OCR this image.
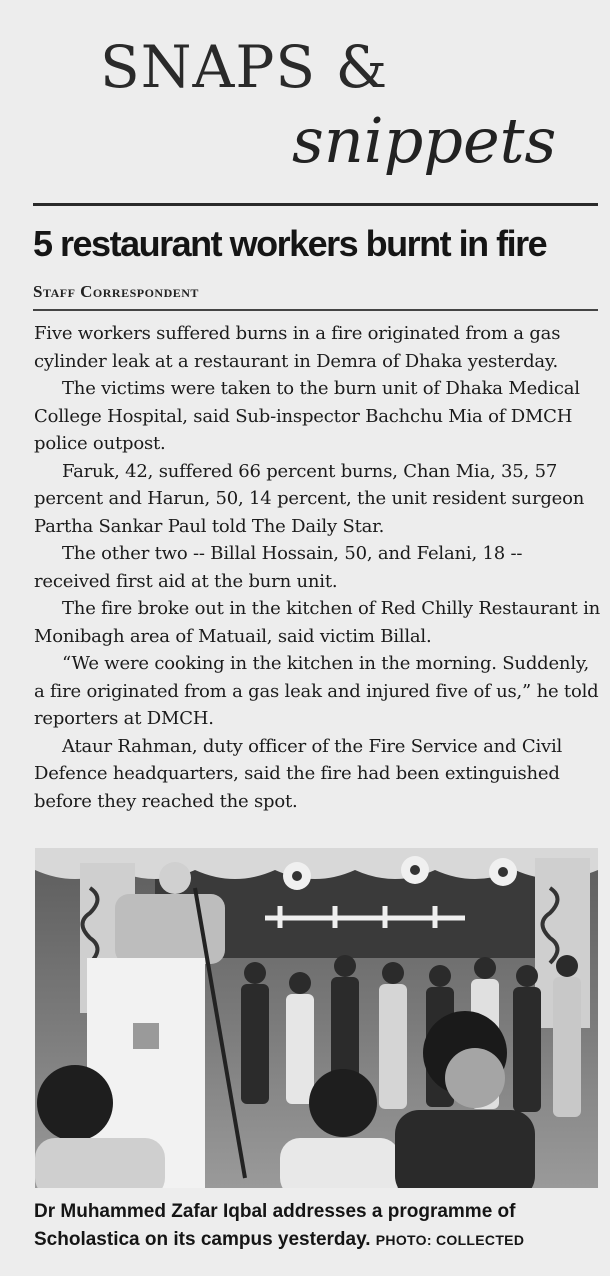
SNAPS &
snippets
5 restaurant workers burnt in fire
Staff Correspondent

Five workers suffered burns in a fire originated from a gas cylinder leak at a restaurant in Demra of Dhaka yesterday.

The victims were taken to the burn unit of Dhaka Medical College Hospital, said Sub-inspector Bachchu Mia of DMCH police outpost.

Faruk, 42, suffered 66 percent burns, Chan Mia, 35, 57 percent and Harun, 50, 14 percent, the unit resident surgeon Partha Sankar Paul told The Daily Star.

The other two -- Billal Hossain, 50, and Felani, 18 -- received first aid at the burn unit.

The fire broke out in the kitchen of Red Chilly Restaurant in Monibagh area of Matuail, said victim Billal.

“We were cooking in the kitchen in the morning. Suddenly, a fire originated from a gas leak and injured five of us,” he told reporters at DMCH.

Ataur Rahman, duty officer of the Fire Service and Civil Defence headquarters, said the fire had been extinguished before they reached the spot.

Dr Muhammed Zafar Iqbal addresses a programme of Scholastica on its campus yesterday. PHOTO: COLLECTED
